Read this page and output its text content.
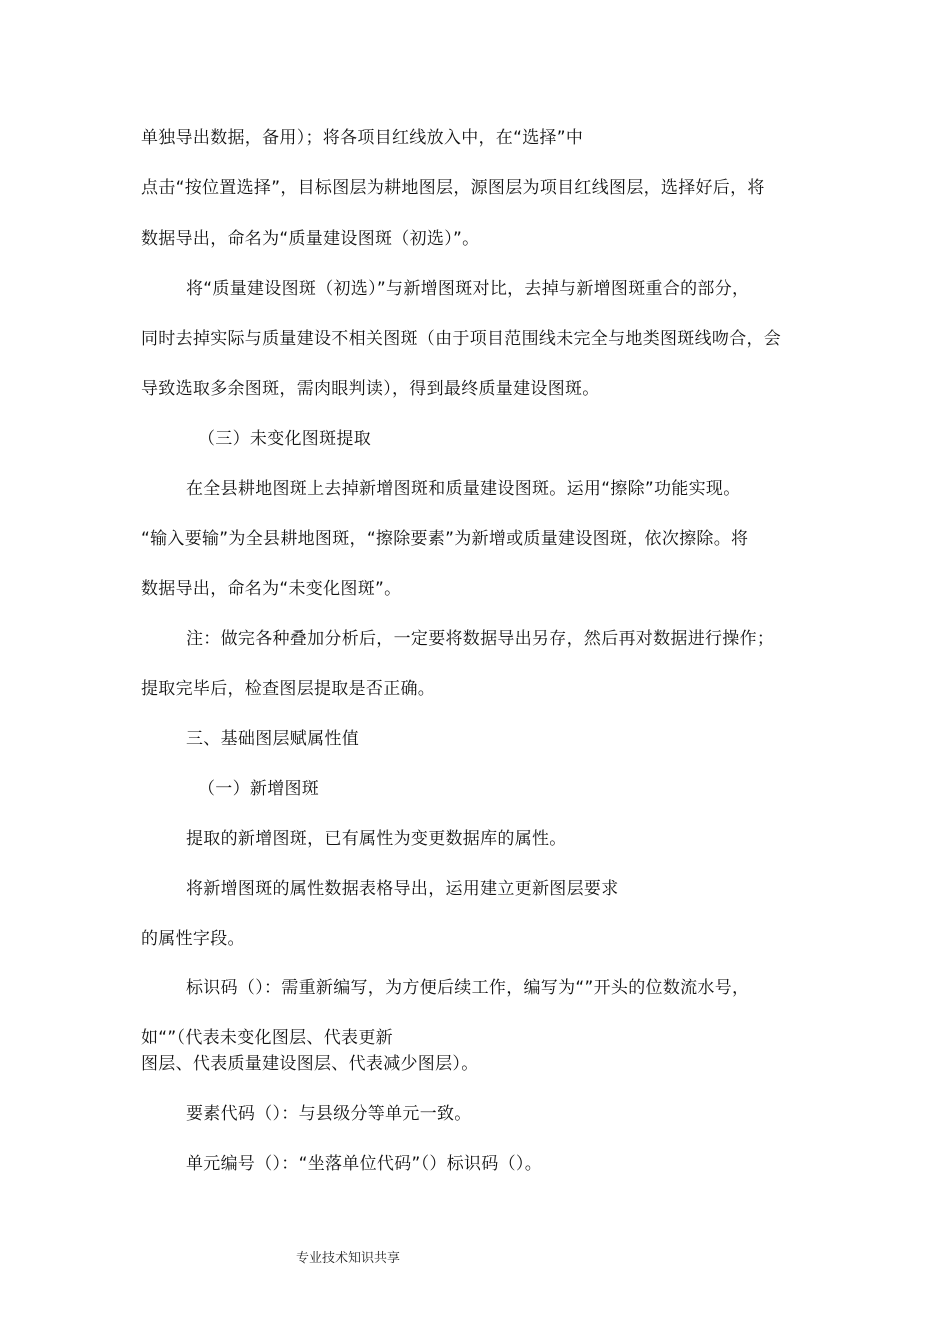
单独导出数据，备用）；将各项目红线放入中，在“选择”中
点击“按位置选择”，目标图层为耕地图层，源图层为项目红线图层，选择好后，将
数据导出，命名为“质量建设图斑（初选）”。
将“质量建设图斑（初选）”与新增图斑对比，去掉与新增图斑重合的部分，
同时去掉实际与质量建设不相关图斑（由于项目范围线未完全与地类图斑线吻合，会
导致选取多余图斑，需肉眼判读），得到最终质量建设图斑。
（三）未变化图斑提取
在全县耕地图斑上去掉新增图斑和质量建设图斑。运用“擦除”功能实现。
“输入要输”为全县耕地图斑，“擦除要素”为新增或质量建设图斑，依次擦除。将
数据导出，命名为“未变化图斑”。
注：做完各种叠加分析后，一定要将数据导出另存，然后再对数据进行操作；
提取完毕后，检查图层提取是否正确。
三、基础图层赋属性值
（一）新增图斑
提取的新增图斑，已有属性为变更数据库的属性。
将新增图斑的属性数据表格导出，运用建立更新图层要求
的属性字段。
标识码（）：需重新编写，为方便后续工作，编写为“”开头的位数流水号，
如“”（代表未变化图层、代表更新
图层、代表质量建设图层、代表减少图层）。
要素代码（）：与县级分等单元一致。
单元编号（）：“坐落单位代码”（）标识码（）。
专业技术知识共享
